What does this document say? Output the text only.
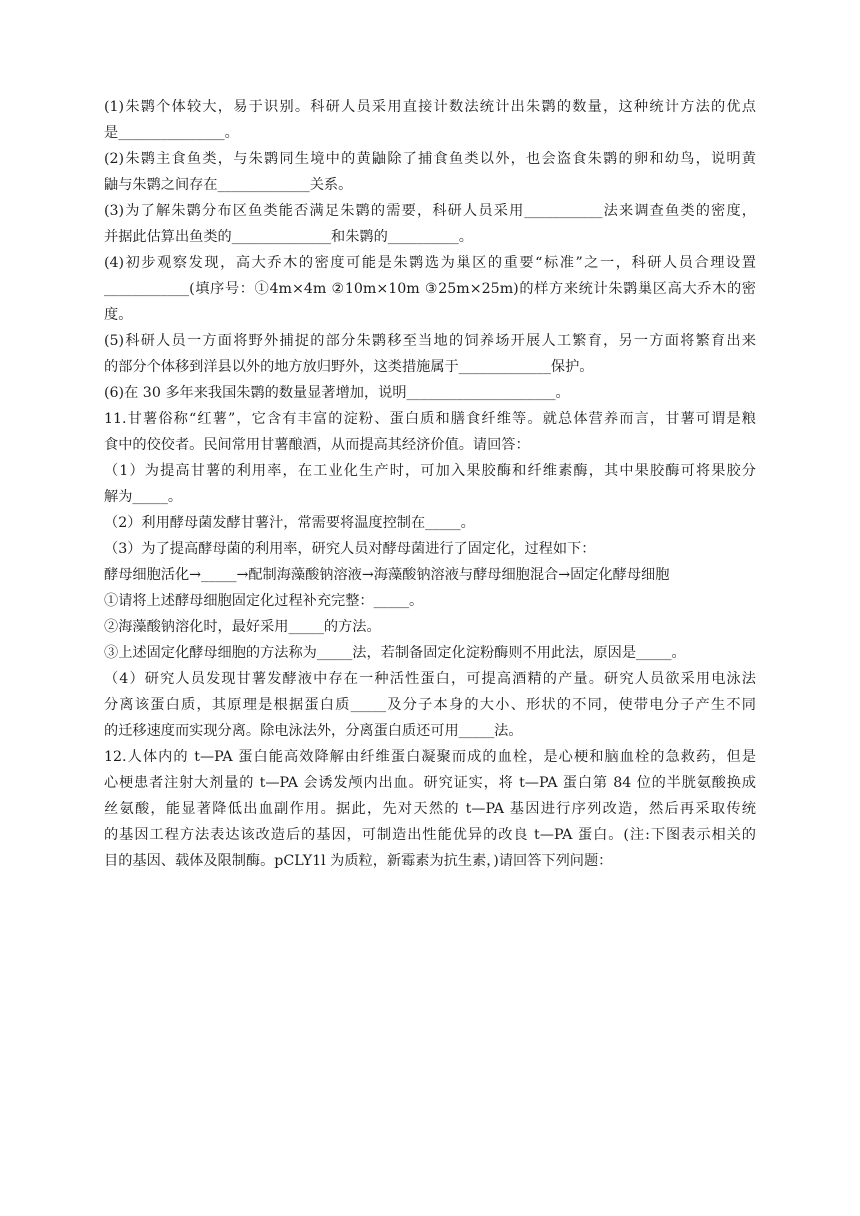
(1)朱鹮个体较大，易于识别。科研人员采用直接计数法统计出朱鹮的数量，这种统计方法的优点
是_______________。
(2)朱鹮主食鱼类，与朱鹮同生境中的黄鼬除了捕食鱼类以外，也会盗食朱鹮的卵和幼鸟，说明黄
鼬与朱鹮之间存在_____________关系。
(3)为了解朱鹮分布区鱼类能否满足朱鹮的需要，科研人员采用___________法来调查鱼类的密度，
并据此估算出鱼类的______________和朱鹮的__________。
(4)初步观察发现，高大乔木的密度可能是朱鹮选为巢区的重要“标准”之一，科研人员合理设置
____________(填序号：①4m×4m ②10m×10m ③25m×25m)的样方来统计朱鹮巢区高大乔木的密
度。
(5)科研人员一方面将野外捕捉的部分朱鹮移至当地的饲养场开展人工繁育，另一方面将繁育出来
的部分个体移到洋县以外的地方放归野外，这类措施属于_____________保护。
(6)在 30 多年来我国朱鹮的数量显著增加，说明_____________________。
11.甘薯俗称“红薯”，它含有丰富的淀粉、蛋白质和膳食纤维等。就总体营养而言，甘薯可谓是粮
食中的佼佼者。民间常用甘薯酿酒，从而提高其经济价值。请回答：
（1）为提高甘薯的利用率，在工业化生产时，可加入果胶酶和纤维素酶，其中果胶酶可将果胶分
解为_____。
（2）利用酵母菌发酵甘薯汁，常需要将温度控制在_____。
（3）为了提高酵母菌的利用率，研究人员对酵母菌进行了固定化，过程如下：
酵母细胞活化→_____→配制海藻酸钠溶液→海藻酸钠溶液与酵母细胞混合→固定化酵母细胞
①请将上述酵母细胞固定化过程补充完整：_____。
②海藻酸钠溶化时，最好采用_____的方法。
③上述固定化酵母细胞的方法称为_____法，若制备固定化淀粉酶则不用此法，原因是_____。
（4）研究人员发现甘薯发酵液中存在一种活性蛋白，可提高酒精的产量。研究人员欲采用电泳法
分离该蛋白质，其原理是根据蛋白质_____及分子本身的大小、形状的不同，使带电分子产生不同
的迁移速度而实现分离。除电泳法外，分离蛋白质还可用_____法。
12.人体内的 t—PA 蛋白能高效降解由纤维蛋白凝聚而成的血栓，是心梗和脑血栓的急救药，但是
心梗患者注射大剂量的 t—PA 会诱发颅内出血。研究证实，将 t—PA 蛋白第 84 位的半胱氨酸换成
丝氨酸，能显著降低出血副作用。据此，先对天然的 t—PA 基因进行序列改造，然后再采取传统
的基因工程方法表达该改造后的基因，可制造出性能优异的改良 t—PA 蛋白。(注:下图表示相关的
目的基因、载体及限制酶。pCLY1l 为质粒，新霉素为抗生素，)请回答下列问题：
